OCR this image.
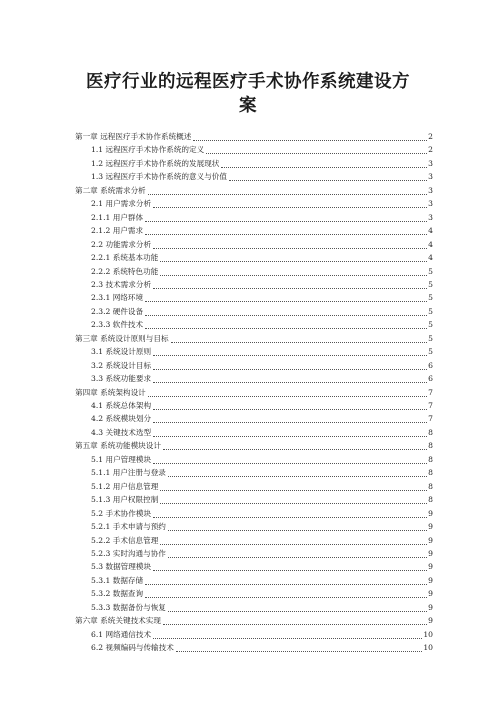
医疗行业的远程医疗手术协作系统建设方
案
第一章 远程医疗手术协作系统概述	2
1.1 远程医疗手术协作系统的定义	2
1.2 远程医疗手术协作系统的发展现状	3
1.3 远程医疗手术协作系统的意义与价值	3
第二章 系统需求分析	3
2.1 用户需求分析	3
2.1.1 用户群体	3
2.1.2 用户需求	4
2.2 功能需求分析	4
2.2.1 系统基本功能	4
2.2.2 系统特色功能	5
2.3 技术需求分析	5
2.3.1 网络环境	5
2.3.2 硬件设备	5
2.3.3 软件技术	5
第三章 系统设计原则与目标	5
3.1 系统设计原则	5
3.2 系统设计目标	6
3.3 系统功能要求	6
第四章 系统架构设计	7
4.1 系统总体架构	7
4.2 系统模块划分	7
4.3 关键技术选型	8
第五章 系统功能模块设计	8
5.1 用户管理模块	8
5.1.1 用户注册与登录	8
5.1.2 用户信息管理	8
5.1.3 用户权限控制	8
5.2 手术协作模块	9
5.2.1 手术申请与预约	9
5.2.2 手术信息管理	9
5.2.3 实时沟通与协作	9
5.3 数据管理模块	9
5.3.1 数据存储	9
5.3.2 数据查询	9
5.3.3 数据备份与恢复	9
第六章 系统关键技术实现	9
6.1 网络通信技术	10
6.2 视频编码与传输技术	10
